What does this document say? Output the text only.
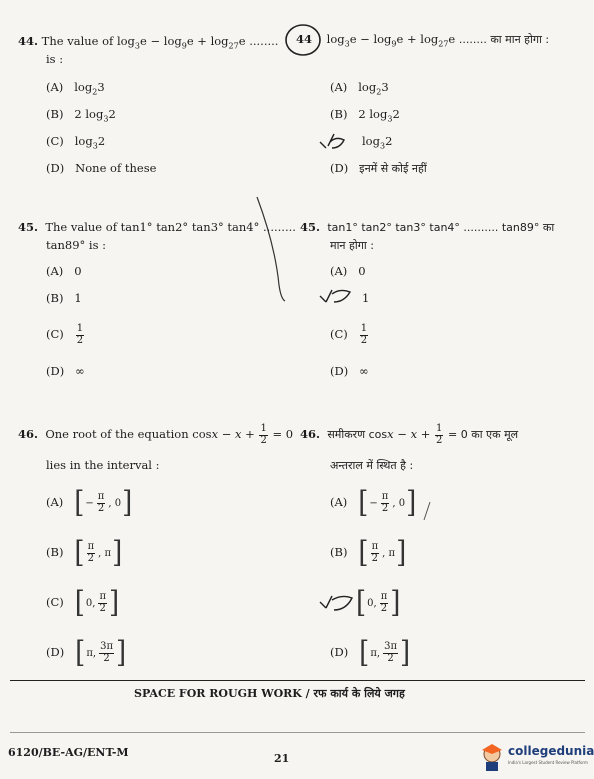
44. The value of $\log_3e - \log_9e + \log_{27}e$ ........
is :
(A) $\log_23$
(B) 2 $\log_32$
(C) $\log_32$
(D) None of these
44    $\log_3e - \log_9e + \log_{27}e$ ........ का मान होगा :
(A) $\log_23$
(B) 2 $\log_32$
$\log_32$
(D) इनमें से कोई नहीं
45. The value of tan1° tan2° tan3° tan4° .........
tan89° is :
(A) 0
(B) 1
$(C) \frac{1}{2}$
(D) ∞
45. tan1° tan2° tan3° tan4° .......... tan89° का
मान होगा :
(A) 0
1
$(C) \frac{1}{2}$
(D) ∞
46. One root of the equation $\cos x - x + \frac{1}{2} = 0$
lies in the interval :
(A) [ − $\frac{\pi}{2}$ , 0 ]
(B) [ $\frac{\pi}{2}$ , π ]
(C) [ 0, $\frac{\pi}{2}$ ]
(D) [ π, $\frac{3\pi}{2}$ ]
46. समीकरण $\cos x - x + \frac{1}{2} = 0$ का एक मूल
अन्तराल में स्थित है :
(A) [ − $\frac{\pi}{2}$ , 0 ]
(B) [ $\frac{\pi}{2}$ , π ]
[ 0, $\frac{\pi}{2}$ ]
(D) [ π, $\frac{3\pi}{2}$ ]
SPACE FOR ROUGH WORK / रफ कार्य के लिये जगह
6120/BE-AG/ENT-M	21
collegedunia
India's Largest Student Review Platform
